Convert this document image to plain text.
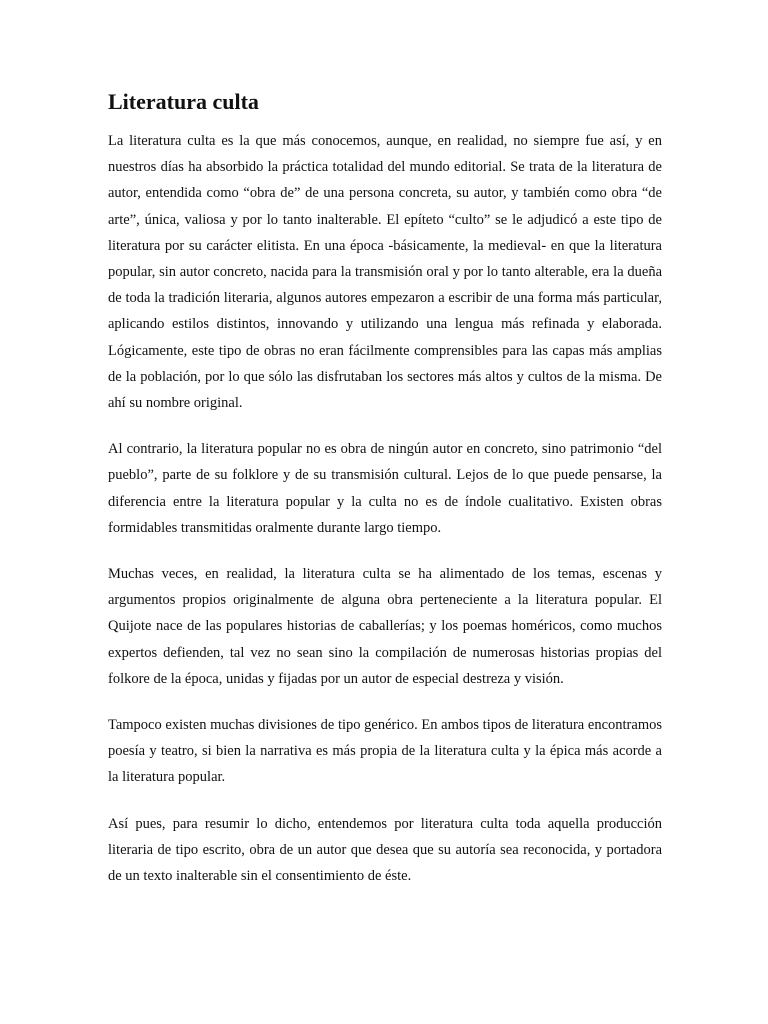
Literatura culta

La literatura culta es la que más conocemos, aunque, en realidad, no siempre fue así, y en nuestros días ha absorbido la práctica totalidad del mundo editorial. Se trata de la literatura de autor, entendida como “obra de” de una persona concreta, su autor, y también como obra “de arte”, única, valiosa y por lo tanto inalterable. El epíteto “culto” se le adjudicó a este tipo de literatura por su carácter elitista. En una época -básicamente, la medieval- en que la literatura popular, sin autor concreto, nacida para la transmisión oral y por lo tanto alterable, era la dueña de toda la tradición literaria, algunos autores empezaron a escribir de una forma más particular, aplicando estilos distintos, innovando y utilizando una lengua más refinada y elaborada. Lógicamente, este tipo de obras no eran fácilmente comprensibles para las capas más amplias de la población, por lo que sólo las disfrutaban los sectores más altos y cultos de la misma. De ahí su nombre original.

Al contrario, la literatura popular no es obra de ningún autor en concreto, sino patrimonio “del pueblo”, parte de su folklore y de su transmisión cultural. Lejos de lo que puede pensarse, la diferencia entre la literatura popular y la culta no es de índole cualitativo. Existen obras formidables transmitidas oralmente durante largo tiempo.

Muchas veces, en realidad, la literatura culta se ha alimentado de los temas, escenas y argumentos propios originalmente de alguna obra perteneciente a la literatura popular. El Quijote nace de las populares historias de caballerías; y los poemas homéricos, como muchos expertos defienden, tal vez no sean sino la compilación de numerosas historias propias del folkore de la época, unidas y fijadas por un autor de especial destreza y visión.

Tampoco existen muchas divisiones de tipo genérico. En ambos tipos de literatura encontramos poesía y teatro, si bien la narrativa es más propia de la literatura culta y la épica más acorde a la literatura popular.

Así pues, para resumir lo dicho, entendemos por literatura culta toda aquella producción literaria de tipo escrito, obra de un autor que desea que su autoría sea reconocida, y portadora de un texto inalterable sin el consentimiento de éste.
